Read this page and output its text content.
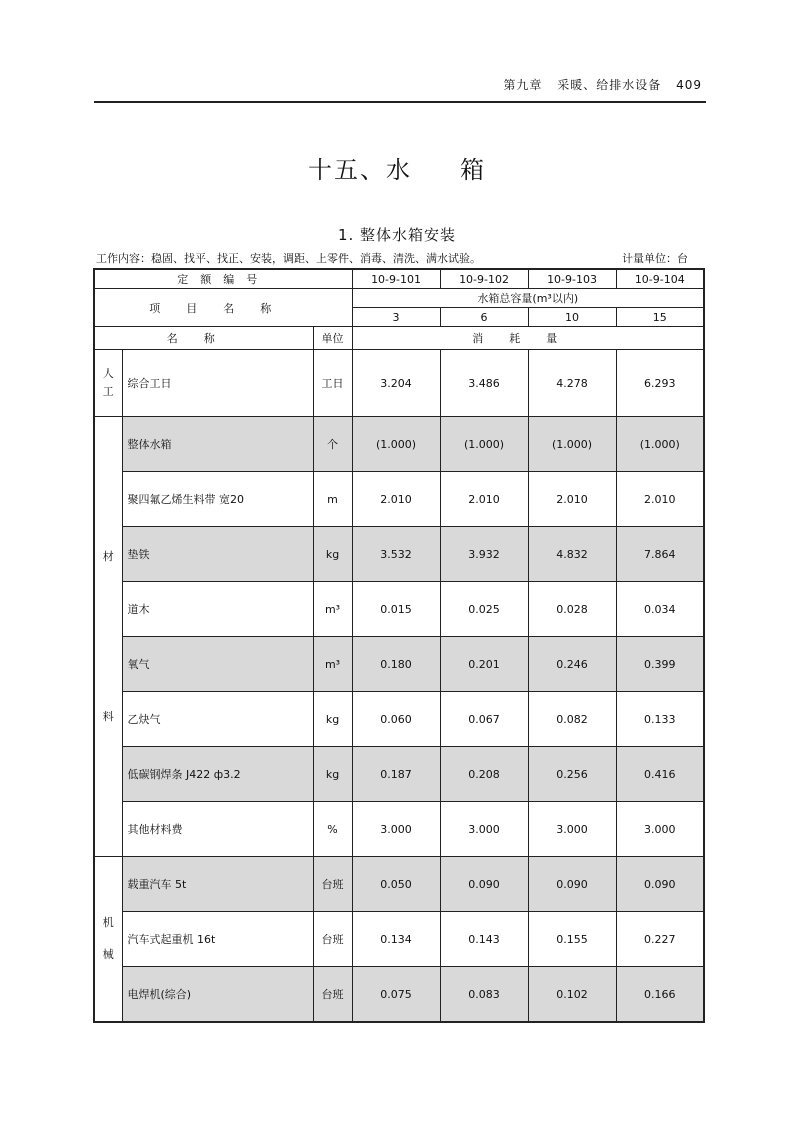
第九章 采暖、给排水设备 409
十五、水 箱
1. 整体水箱安装
工作内容：稳固、找平、找正、安装，调距、上零件、消毒、清洗、满水试验。	计量单位：台
定额编号			10-9-101	10-9-102	10-9-103	10-9-104
项目名称			水箱总容量(m³以内)			
			3	6	10	15
名称		单位	消耗量			
人工	综合工日	工日	3.204	3.486	4.278	6.293
材

料	整体水箱	个	(1.000)	(1.000)	(1.000)	(1.000)
	聚四氟乙烯生料带 宽20	m	2.010	2.010	2.010	2.010
	垫铁	kg	3.532	3.932	4.832	7.864
	道木	m³	0.015	0.025	0.028	0.034
	氧气	m³	0.180	0.201	0.246	0.399
	乙炔气	kg	0.060	0.067	0.082	0.133
	低碳钢焊条 J422 ф3.2	kg	0.187	0.208	0.256	0.416
	其他材料费	%	3.000	3.000	3.000	3.000
机

械	载重汽车 5t	台班	0.050	0.090	0.090	0.090
	汽车式起重机 16t	台班	0.134	0.143	0.155	0.227
	电焊机(综合)	台班	0.075	0.083	0.102	0.166
